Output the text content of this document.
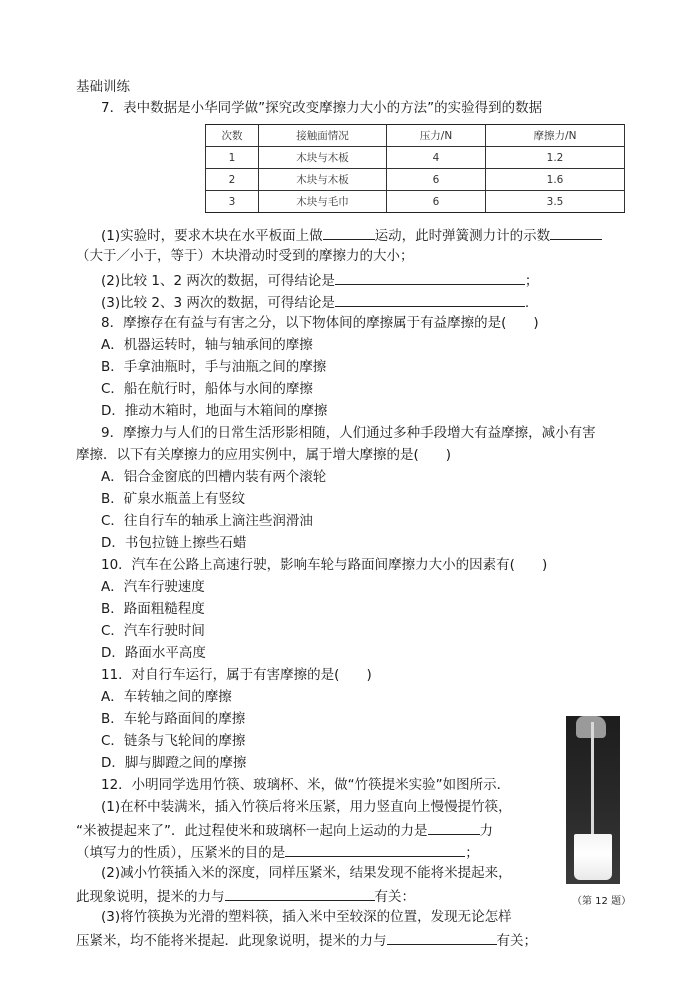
基础训练
7．表中数据是小华同学做”探究改变摩擦力大小的方法”的实验得到的数据
次数	接触面情况	压力/N	摩擦力/N
1	木块与木板	4	1.2
2	木块与木板	6	1.6
3	木块与毛巾	6	3.5
(1)实验时，要求木块在水平板面上做	运动，此时弹簧测力计的示数
（大于／小于，等于）木块滑动时受到的摩擦力的大小；
(2)比较 1、2 两次的数据，可得结论是	；
(3)比较 2、3 两次的数据，可得结论是	.
8．摩擦存在有益与有害之分，以下物体间的摩擦属于有益摩擦的是(　　)
A．机器运转时，轴与轴承间的摩擦
B．手拿油瓶时，手与油瓶之间的摩擦
C．船在航行时，船体与水间的摩擦
D．推动木箱时，地面与木箱间的摩擦
9．摩擦力与人们的日常生活形影相随，人们通过多种手段增大有益摩擦，减小有害
摩擦．以下有关摩擦力的应用实例中，属于增大摩擦的是(　　)
A．铝合金窗底的凹槽内装有两个滚轮
B．矿泉水瓶盖上有竖纹
C．往自行车的轴承上滴注些润滑油
D．书包拉链上擦些石蜡
10．汽车在公路上高速行驶，影响车轮与路面间摩擦力大小的因素有(　　)
A．汽车行驶速度
B．路面粗糙程度
C．汽车行驶时间
D．路面水平高度
11．对自行车运行，属于有害摩擦的是(　　)
A．车转轴之间的摩擦
B．车轮与路面间的摩擦
C．链条与飞轮间的摩擦
D．脚与脚蹬之间的摩擦
12．小明同学选用竹筷、玻璃杯、米，做“竹筷提米实验”如图所示．
(1)在杯中装满米，插入竹筷后将米压紧，用力竖直向上慢慢提竹筷，
“米被提起来了”．此过程使米和玻璃杯一起向上运动的力是	力
（填写力的性质），压紧米的目的是	；
(2)减小竹筷插入米的深度，同样压紧米，结果发现不能将米提起来，
此现象说明，提米的力与	有关：
(3)将竹筷换为光滑的塑料筷，插入米中至较深的位置，发现无论怎样
压紧米，均不能将米提起．此现象说明，提米的力与	有关；
（第 12 题）
